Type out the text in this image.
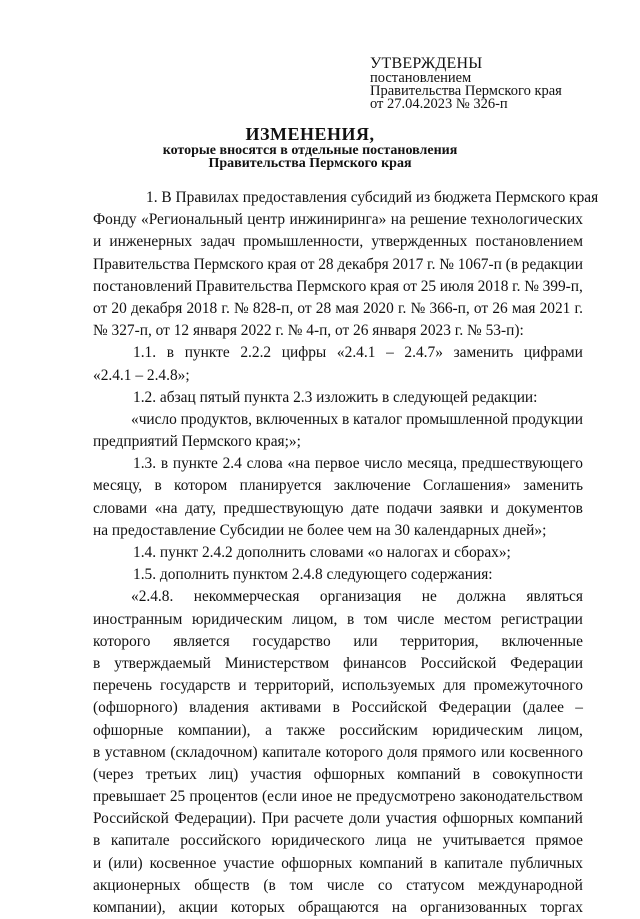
УТВЕРЖДЕНЫ
постановлением
Правительства Пермского края
от 27.04.2023 № 326-п
ИЗМЕНЕНИЯ,
которые вносятся в отдельные постановления
Правительства Пермского края
1. В Правилах предоставления субсидий из бюджета Пермского края
Фонду «Региональный центр инжиниринга» на решение технологических
и инженерных задач промышленности, утвержденных постановлением
Правительства Пермского края от 28 декабря 2017 г. № 1067-п (в редакции
постановлений Правительства Пермского края от 25 июля 2018 г. № 399-п,
от 20 декабря 2018 г. № 828-п, от 28 мая 2020 г. № 366-п, от 26 мая 2021 г.
№ 327-п, от 12 января 2022 г. № 4-п, от 26 января 2023 г. № 53-п):
1.1. в пункте 2.2.2 цифры «2.4.1 – 2.4.7» заменить цифрами
«2.4.1 – 2.4.8»;
1.2. абзац пятый пункта 2.3 изложить в следующей редакции:
«число продуктов, включенных в каталог промышленной продукции
предприятий Пермского края;»;
1.3. в пункте 2.4 слова «на первое число месяца, предшествующего
месяцу, в котором планируется заключение Соглашения» заменить
словами «на дату, предшествующую дате подачи заявки и документов
на предоставление Субсидии не более чем на 30 календарных дней»;
1.4. пункт 2.4.2 дополнить словами «о налогах и сборах»;
1.5. дополнить пунктом 2.4.8 следующего содержания:
«2.4.8. некоммерческая организация не должна являться
иностранным юридическим лицом, в том числе местом регистрации
которого является государство или территория, включенные
в утверждаемый Министерством финансов Российской Федерации
перечень государств и территорий, используемых для промежуточного
(офшорного) владения активами в Российской Федерации (далее –
офшорные компании), а также российским юридическим лицом,
в уставном (складочном) капитале которого доля прямого или косвенного
(через третьих лиц) участия офшорных компаний в совокупности
превышает 25 процентов (если иное не предусмотрено законодательством
Российской Федерации). При расчете доли участия офшорных компаний
в капитале российского юридического лица не учитывается прямое
и (или) косвенное участие офшорных компаний в капитале публичных
акционерных обществ (в том числе со статусом международной
компании), акции которых обращаются на организованных торгах
